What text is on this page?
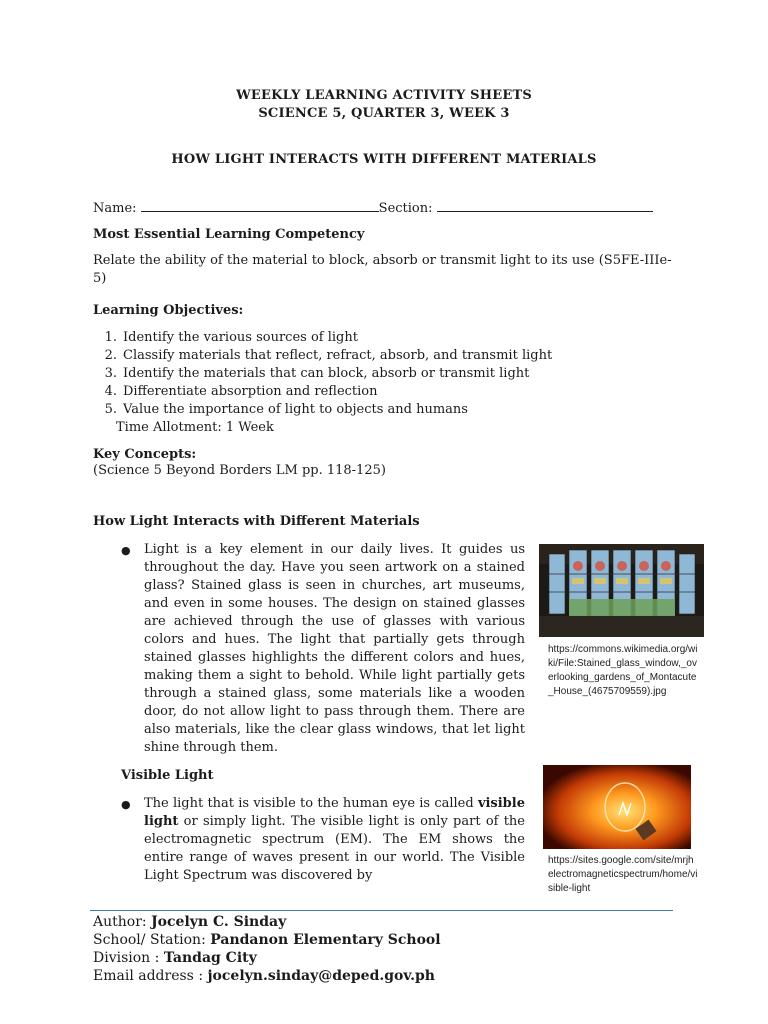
WEEKLY LEARNING ACTIVITY SHEETS
SCIENCE 5, QUARTER 3, WEEK 3
HOW LIGHT INTERACTS WITH DIFFERENT MATERIALS
Name:	Section:
Most Essential Learning Competency
Relate the ability of the material to block, absorb or transmit light to its use (S5FE-IIIe-5)
Learning Objectives:
1. Identify the various sources of light
2. Classify materials that reflect, refract, absorb, and transmit light
3. Identify the materials that can block, absorb or transmit light
4. Differentiate absorption and reflection
5. Value the importance of light to objects and humans
Time Allotment: 1 Week
Key Concepts:
(Science 5 Beyond Borders LM pp. 118-125)
How Light Interacts with Different Materials
● Light is a key element in our daily lives. It guides us throughout the day. Have you seen artwork on a stained glass? Stained glass is seen in churches, art museums, and even in some houses. The design on stained glasses are achieved through the use of glasses with various colors and hues. The light that partially gets through stained glasses highlights the different colors and hues, making them a sight to behold. While light partially gets through a stained glass, some materials like a wooden door, do not allow light to pass through them. There are also materials, like the clear glass windows, that let light shine through them.
https://commons.wikimedia.org/wiki/File:Stained_glass_window,_overlooking_gardens_of_Montacute_House_(4675709559).jpg
Visible Light
● The light that is visible to the human eye is called visible light or simply light. The visible light is only part of the electromagnetic spectrum (EM). The EM shows the entire range of waves present in our world. The Visible Light Spectrum was discovered by
https://sites.google.com/site/mrjhelectromagneticspectrum/home/visible-light
Author: Jocelyn C. Sinday
School/ Station: Pandanon Elementary School
Division : Tandag City
Email address : jocelyn.sinday@deped.gov.ph
